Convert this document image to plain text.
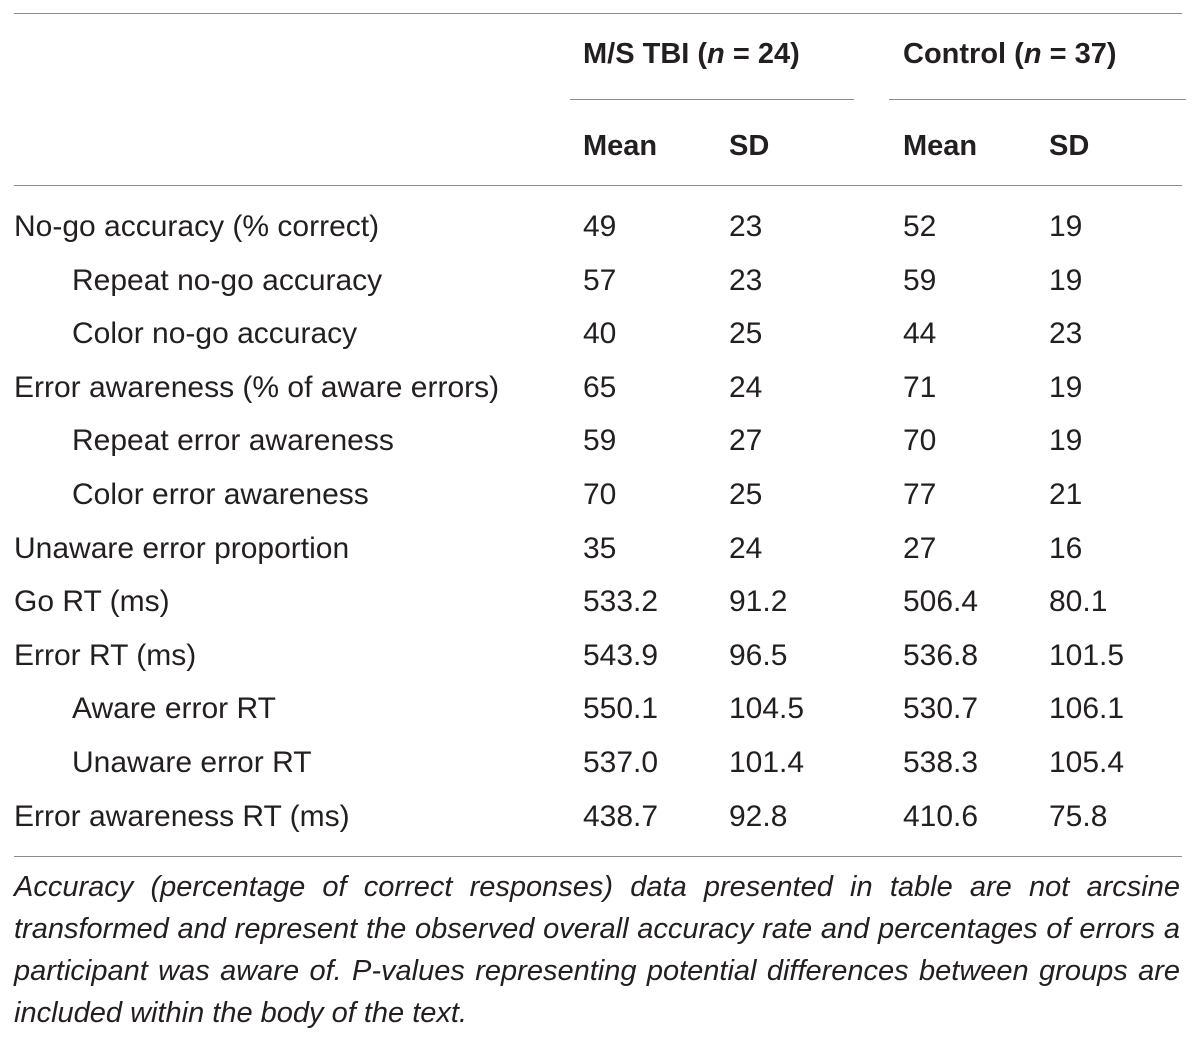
M/S TBI (n = 24)	Control (n = 37)
Mean SD	Mean SD
No-go accuracy (% correct)	49	23	52	19
Repeat no-go accuracy	57	23	59	19
Color no-go accuracy	40	25	44	23
Error awareness (% of aware errors)	65	24	71	19
Repeat error awareness	59	27	70	19
Color error awareness	70	25	77	21
Unaware error proportion	35	24	27	16
Go RT (ms)	533.2 91.2	506.4 80.1
Error RT (ms)	543.9 96.5	536.8 101.5
Aware error RT	550.1 104.5	530.7 106.1
Unaware error RT	537.0 101.4	538.3 105.4
Error awareness RT (ms)	438.7 92.8	410.6 75.8
Accuracy (percentage of correct responses) data presented in table are not arcsine transformed and represent the observed overall accuracy rate and percentages of errors a participant was aware of. P-values representing potential differences between groups are included within the body of the text.
